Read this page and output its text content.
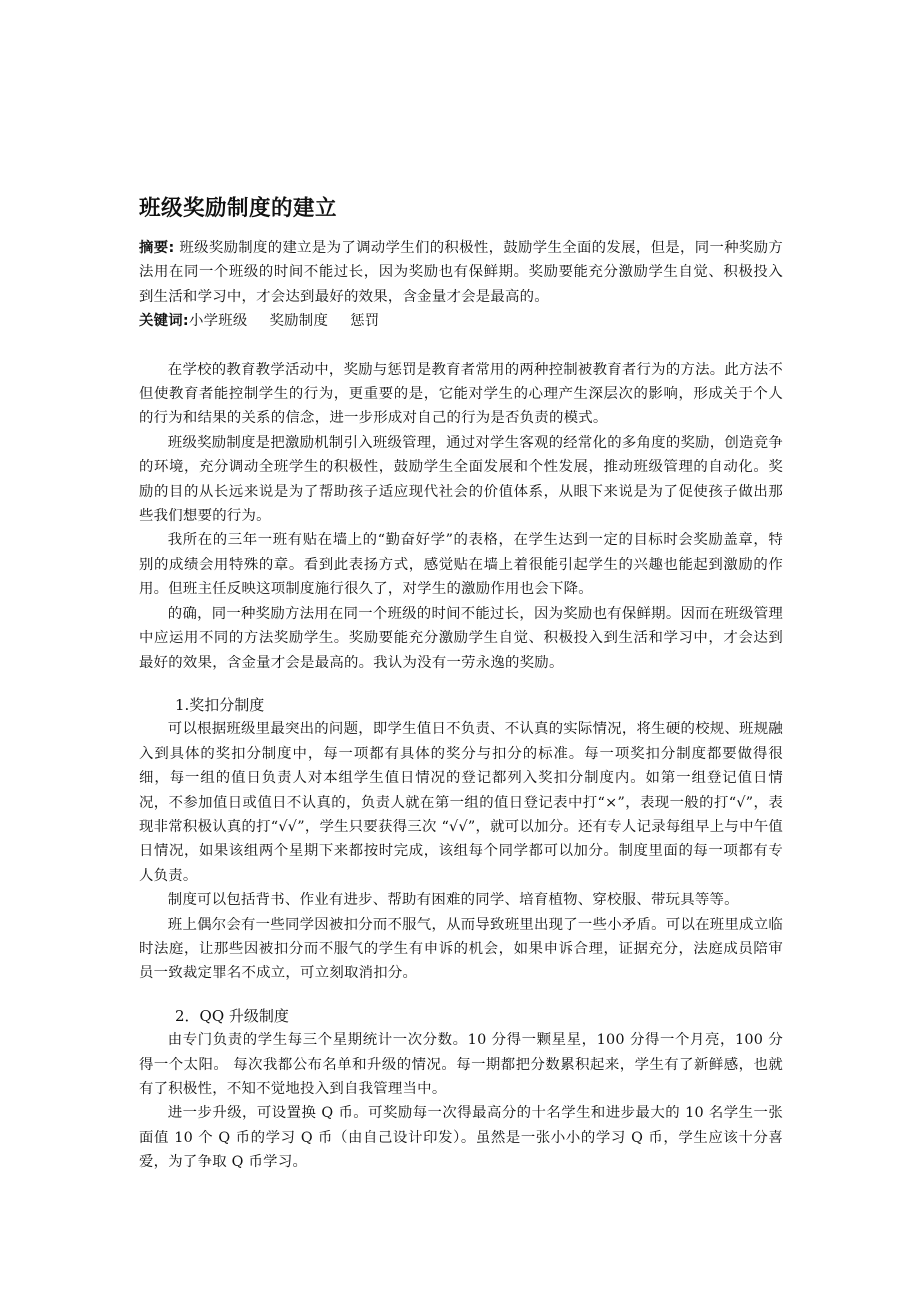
班级奖励制度的建立

摘要: 班级奖励制度的建立是为了调动学生们的积极性，鼓励学生全面的发展，但是，同一种奖励方法用在同一个班级的时间不能过长，因为奖励也有保鲜期。奖励要能充分激励学生自觉、积极投入到生活和学习中，才会达到最好的效果，含金量才会是最高的。

关键词:小学班级 奖励制度 惩罚

在学校的教育教学活动中，奖励与惩罚是教育者常用的两种控制被教育者行为的方法。此方法不但使教育者能控制学生的行为，更重要的是，它能对学生的心理产生深层次的影响，形成关于个人的行为和结果的关系的信念，进一步形成对自己的行为是否负责的模式。

班级奖励制度是把激励机制引入班级管理，通过对学生客观的经常化的多角度的奖励，创造竞争的环境，充分调动全班学生的积极性，鼓励学生全面发展和个性发展，推动班级管理的自动化。奖励的目的从长远来说是为了帮助孩子适应现代社会的价值体系，从眼下来说是为了促使孩子做出那些我们想要的行为。

我所在的三年一班有贴在墙上的“勤奋好学”的表格，在学生达到一定的目标时会奖励盖章，特别的成绩会用特殊的章。看到此表扬方式，感觉贴在墙上着很能引起学生的兴趣也能起到激励的作用。但班主任反映这项制度施行很久了，对学生的激励作用也会下降。

的确，同一种奖励方法用在同一个班级的时间不能过长，因为奖励也有保鲜期。因而在班级管理中应运用不同的方法奖励学生。奖励要能充分激励学生自觉、积极投入到生活和学习中，才会达到最好的效果，含金量才会是最高的。我认为没有一劳永逸的奖励。

1.奖扣分制度

可以根据班级里最突出的问题，即学生值日不负责、不认真的实际情况，将生硬的校规、班规融入到具体的奖扣分制度中，每一项都有具体的奖分与扣分的标准。每一项奖扣分制度都要做得很细，每一组的值日负责人对本组学生值日情况的登记都列入奖扣分制度内。如第一组登记值日情况，不参加值日或值日不认真的，负责人就在第一组的值日登记表中打“×”，表现一般的打“√”，表现非常积极认真的打“√√”，学生只要获得三次 “√√”，就可以加分。还有专人记录每组早上与中午值日情况，如果该组两个星期下来都按时完成，该组每个同学都可以加分。制度里面的每一项都有专人负责。

制度可以包括背书、作业有进步、帮助有困难的同学、培育植物、穿校服、带玩具等等。

班上偶尔会有一些同学因被扣分而不服气，从而导致班里出现了一些小矛盾。可以在班里成立临时法庭，让那些因被扣分而不服气的学生有申诉的机会，如果申诉合理，证据充分，法庭成员陪审员一致裁定罪名不成立，可立刻取消扣分。

2．QQ 升级制度

由专门负责的学生每三个星期统计一次分数。10 分得一颗星星，100 分得一个月亮，100 分得一个太阳。 每次我都公布名单和升级的情况。每一期都把分数累积起来，学生有了新鲜感，也就有了积极性，不知不觉地投入到自我管理当中。

进一步升级，可设置换 Q 币。可奖励每一次得最高分的十名学生和进步最大的 10 名学生一张面值 10 个 Q 币的学习 Q 币（由自己设计印发）。虽然是一张小小的学习 Q 币，学生应该十分喜爱，为了争取 Q 币学习。
